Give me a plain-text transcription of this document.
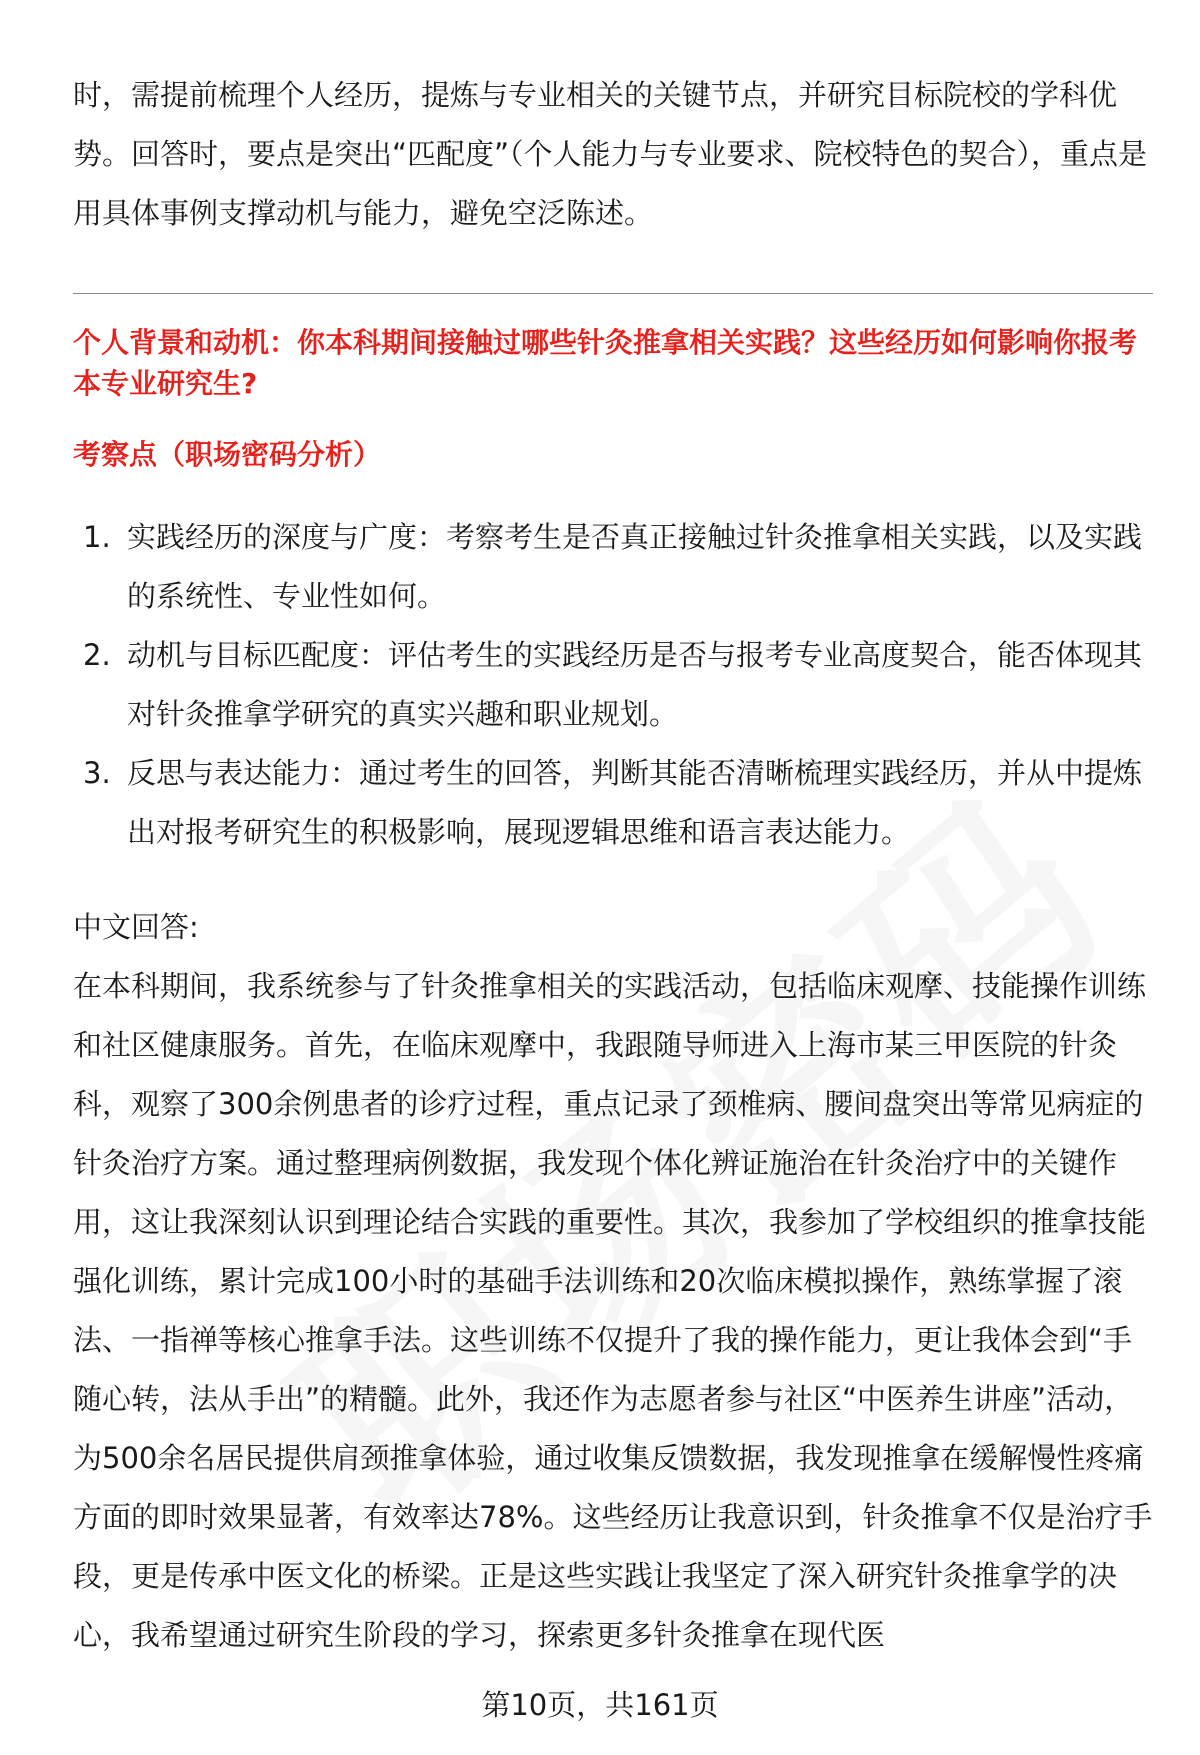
时，需提前梳理个人经历，提炼与专业相关的关键节点，并研究目标院校的学科优势。回答时，要点是突出“匹配度”（个人能力与专业要求、院校特色的契合），重点是用具体事例支撑动机与能力，避免空泛陈述。

个人背景和动机：你本科期间接触过哪些针灸推拿相关实践？这些经历如何影响你报考本专业研究生?

考察点（职场密码分析）

1. 实践经历的深度与广度：考察考生是否真正接触过针灸推拿相关实践，以及实践的系统性、专业性如何。
2. 动机与目标匹配度：评估考生的实践经历是否与报考专业高度契合，能否体现其对针灸推拿学研究的真实兴趣和职业规划。
3. 反思与表达能力：通过考生的回答，判断其能否清晰梳理实践经历，并从中提炼出对报考研究生的积极影响，展现逻辑思维和语言表达能力。

中文回答:

在本科期间，我系统参与了针灸推拿相关的实践活动，包括临床观摩、技能操作训练和社区健康服务。首先，在临床观摩中，我跟随导师进入上海市某三甲医院的针灸科，观察了300余例患者的诊疗过程，重点记录了颈椎病、腰间盘突出等常见病症的针灸治疗方案。通过整理病例数据，我发现个体化辨证施治在针灸治疗中的关键作用，这让我深刻认识到理论结合实践的重要性。其次，我参加了学校组织的推拿技能强化训练，累计完成100小时的基础手法训练和20次临床模拟操作，熟练掌握了滚法、一指禅等核心推拿手法。这些训练不仅提升了我的操作能力，更让我体会到“手随心转，法从手出”的精髓。此外，我还作为志愿者参与社区“中医养生讲座”活动，为500余名居民提供肩颈推拿体验，通过收集反馈数据，我发现推拿在缓解慢性疼痛方面的即时效果显著，有效率达78%。这些经历让我意识到，针灸推拿不仅是治疗手段，更是传承中医文化的桥梁。正是这些实践让我坚定了深入研究针灸推拿学的决心，我希望通过研究生阶段的学习，探索更多针灸推拿在现代医

第10页，共161页
